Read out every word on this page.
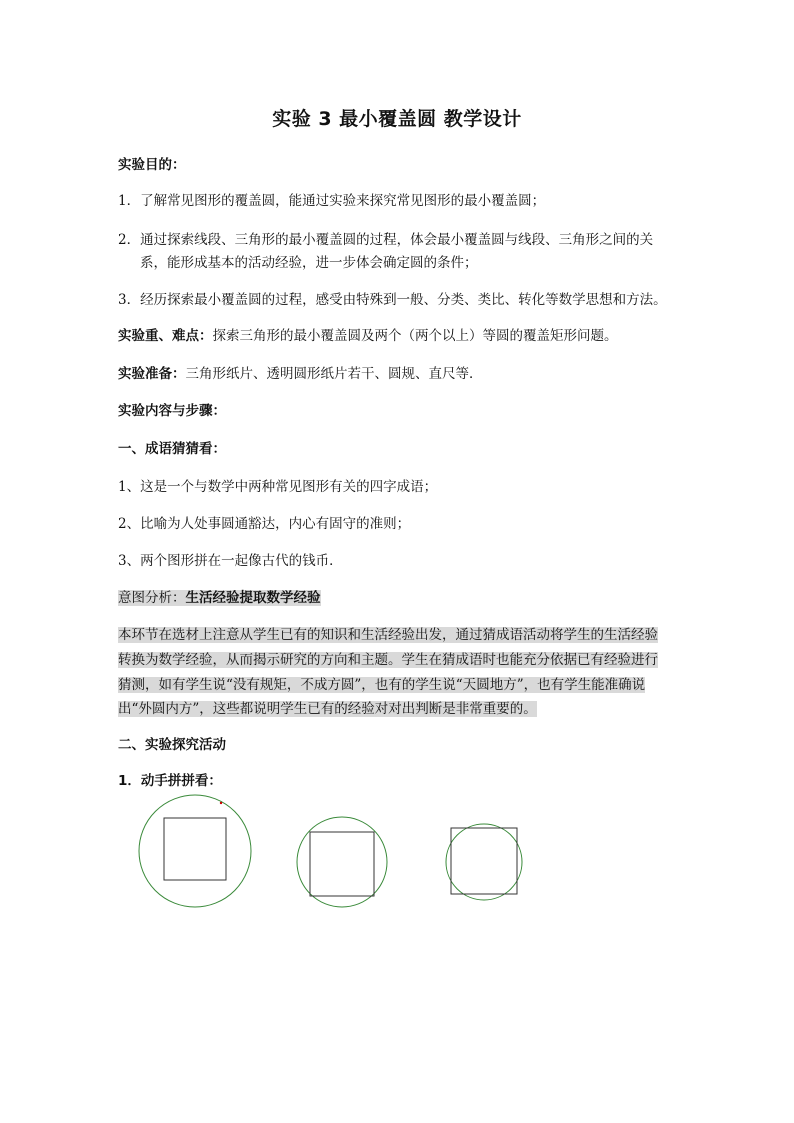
实验 3 最小覆盖圆 教学设计
实验目的：
1．了解常见图形的覆盖圆，能通过实验来探究常见图形的最小覆盖圆；
2．通过探索线段、三角形的最小覆盖圆的过程，体会最小覆盖圆与线段、三角形之间的关
系，能形成基本的活动经验，进一步体会确定圆的条件；
3．经历探索最小覆盖圆的过程，感受由特殊到一般、分类、类比、转化等数学思想和方法。
实验重、难点：探索三角形的最小覆盖圆及两个（两个以上）等圆的覆盖矩形问题。
实验准备：三角形纸片、透明圆形纸片若干、圆规、直尺等．
实验内容与步骤：
一、成语猜猜看：
1、这是一个与数学中两种常见图形有关的四字成语；
2、比喻为人处事圆通豁达，内心有固守的准则；
3、两个图形拼在一起像古代的钱币．
意图分析：生活经验提取数学经验
本环节在选材上注意从学生已有的知识和生活经验出发，通过猜成语活动将学生的生活经验
转换为数学经验，从而揭示研究的方向和主题。学生在猜成语时也能充分依据已有经验进行
猜测，如有学生说“没有规矩，不成方圆”，也有的学生说“天圆地方”，也有学生能准确说
出“外圆内方”，这些都说明学生已有的经验对对出判断是非常重要的。
二、实验探究活动
1．动手拼拼看：
